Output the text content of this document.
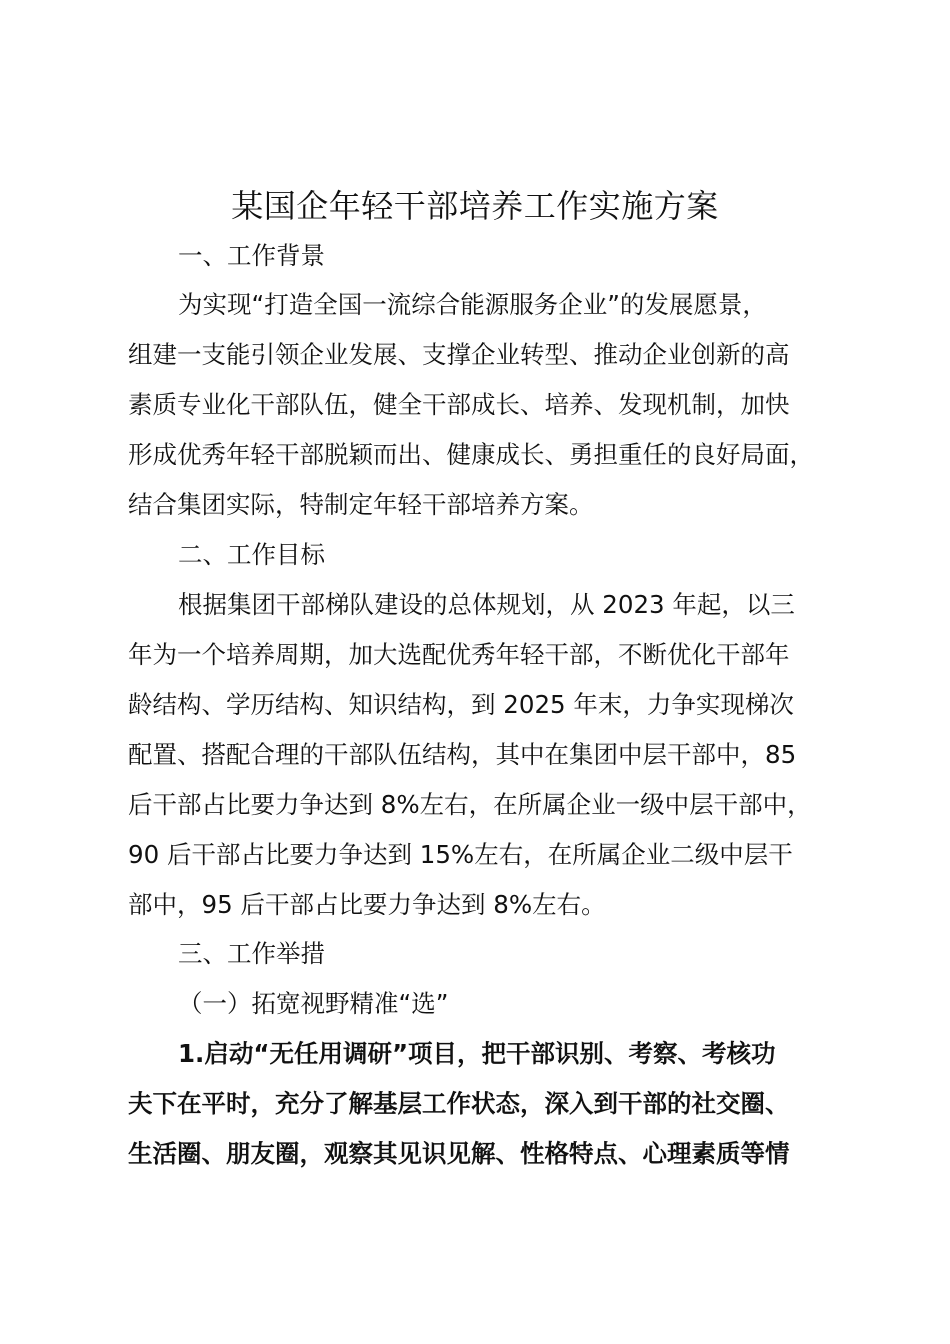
某国企年轻干部培养工作实施方案
一、工作背景
为实现“打造全国一流综合能源服务企业”的发展愿景，
组建一支能引领企业发展、支撑企业转型、推动企业创新的高
素质专业化干部队伍，健全干部成长、培养、发现机制，加快
形成优秀年轻干部脱颖而出、健康成长、勇担重任的良好局面，
结合集团实际，特制定年轻干部培养方案。
二、工作目标
根据集团干部梯队建设的总体规划，从 2023 年起，以三
年为一个培养周期，加大选配优秀年轻干部，不断优化干部年
龄结构、学历结构、知识结构，到 2025 年末，力争实现梯次
配置、搭配合理的干部队伍结构，其中在集团中层干部中，85
后干部占比要力争达到 8%左右，在所属企业一级中层干部中，
90 后干部占比要力争达到 15%左右，在所属企业二级中层干
部中，95 后干部占比要力争达到 8%左右。
三、工作举措
（一）拓宽视野精准“选”
1.启动“无任用调研”项目，把干部识别、考察、考核功
夫下在平时，充分了解基层工作状态，深入到干部的社交圈、
生活圈、朋友圈，观察其见识见解、性格特点、心理素质等情
